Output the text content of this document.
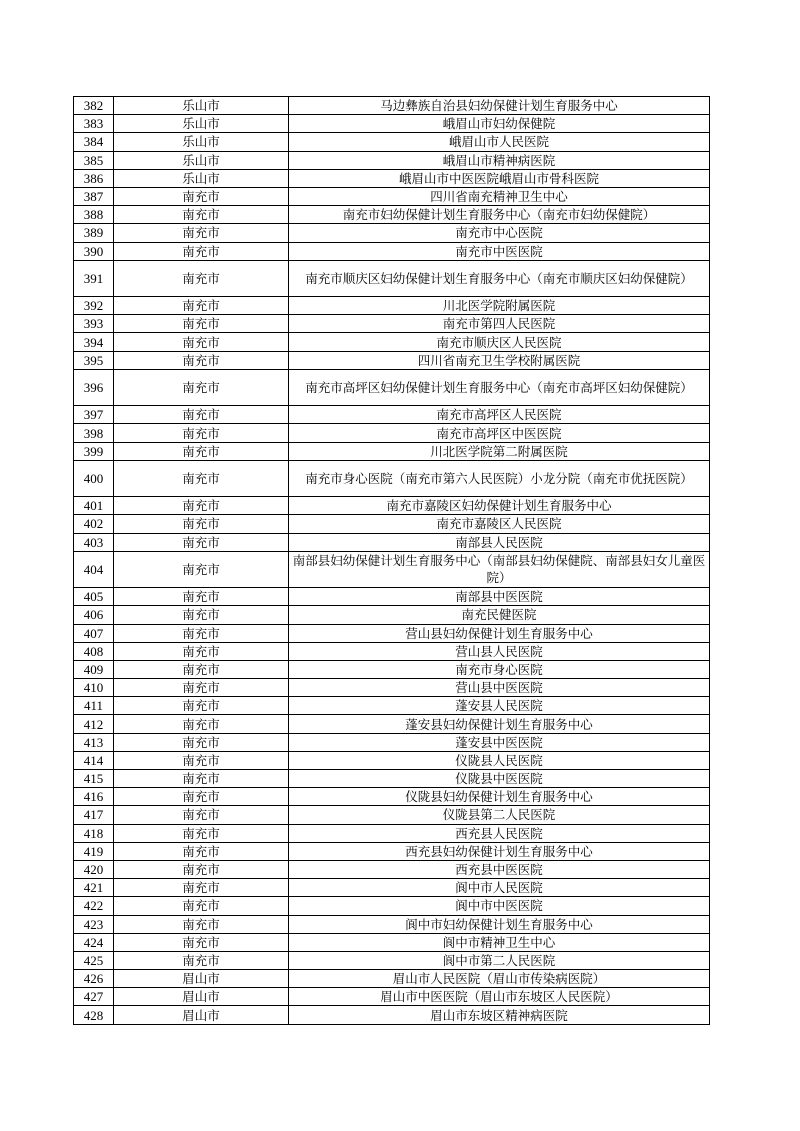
382	乐山市	马边彝族自治县妇幼保健计划生育服务中心
383	乐山市	峨眉山市妇幼保健院
384	乐山市	峨眉山市人民医院
385	乐山市	峨眉山市精神病医院
386	乐山市	峨眉山市中医医院峨眉山市骨科医院
387	南充市	四川省南充精神卫生中心
388	南充市	南充市妇幼保健计划生育服务中心（南充市妇幼保健院）
389	南充市	南充市中心医院
390	南充市	南充市中医医院
391	南充市	南充市顺庆区妇幼保健计划生育服务中心（南充市顺庆区妇幼保健院）
392	南充市	川北医学院附属医院
393	南充市	南充市第四人民医院
394	南充市	南充市顺庆区人民医院
395	南充市	四川省南充卫生学校附属医院
396	南充市	南充市高坪区妇幼保健计划生育服务中心（南充市高坪区妇幼保健院）
397	南充市	南充市高坪区人民医院
398	南充市	南充市高坪区中医医院
399	南充市	川北医学院第二附属医院
400	南充市	南充市身心医院（南充市第六人民医院）小龙分院（南充市优抚医院）
401	南充市	南充市嘉陵区妇幼保健计划生育服务中心
402	南充市	南充市嘉陵区人民医院
403	南充市	南部县人民医院
404	南充市	南部县妇幼保健计划生育服务中心（南部县妇幼保健院、南部县妇女儿童医院）
405	南充市	南部县中医医院
406	南充市	南充民健医院
407	南充市	营山县妇幼保健计划生育服务中心
408	南充市	营山县人民医院
409	南充市	南充市身心医院
410	南充市	营山县中医医院
411	南充市	蓬安县人民医院
412	南充市	蓬安县妇幼保健计划生育服务中心
413	南充市	蓬安县中医医院
414	南充市	仪陇县人民医院
415	南充市	仪陇县中医医院
416	南充市	仪陇县妇幼保健计划生育服务中心
417	南充市	仪陇县第二人民医院
418	南充市	西充县人民医院
419	南充市	西充县妇幼保健计划生育服务中心
420	南充市	西充县中医医院
421	南充市	阆中市人民医院
422	南充市	阆中市中医医院
423	南充市	阆中市妇幼保健计划生育服务中心
424	南充市	阆中市精神卫生中心
425	南充市	阆中市第二人民医院
426	眉山市	眉山市人民医院（眉山市传染病医院）
427	眉山市	眉山市中医医院（眉山市东坡区人民医院）
428	眉山市	眉山市东坡区精神病医院
